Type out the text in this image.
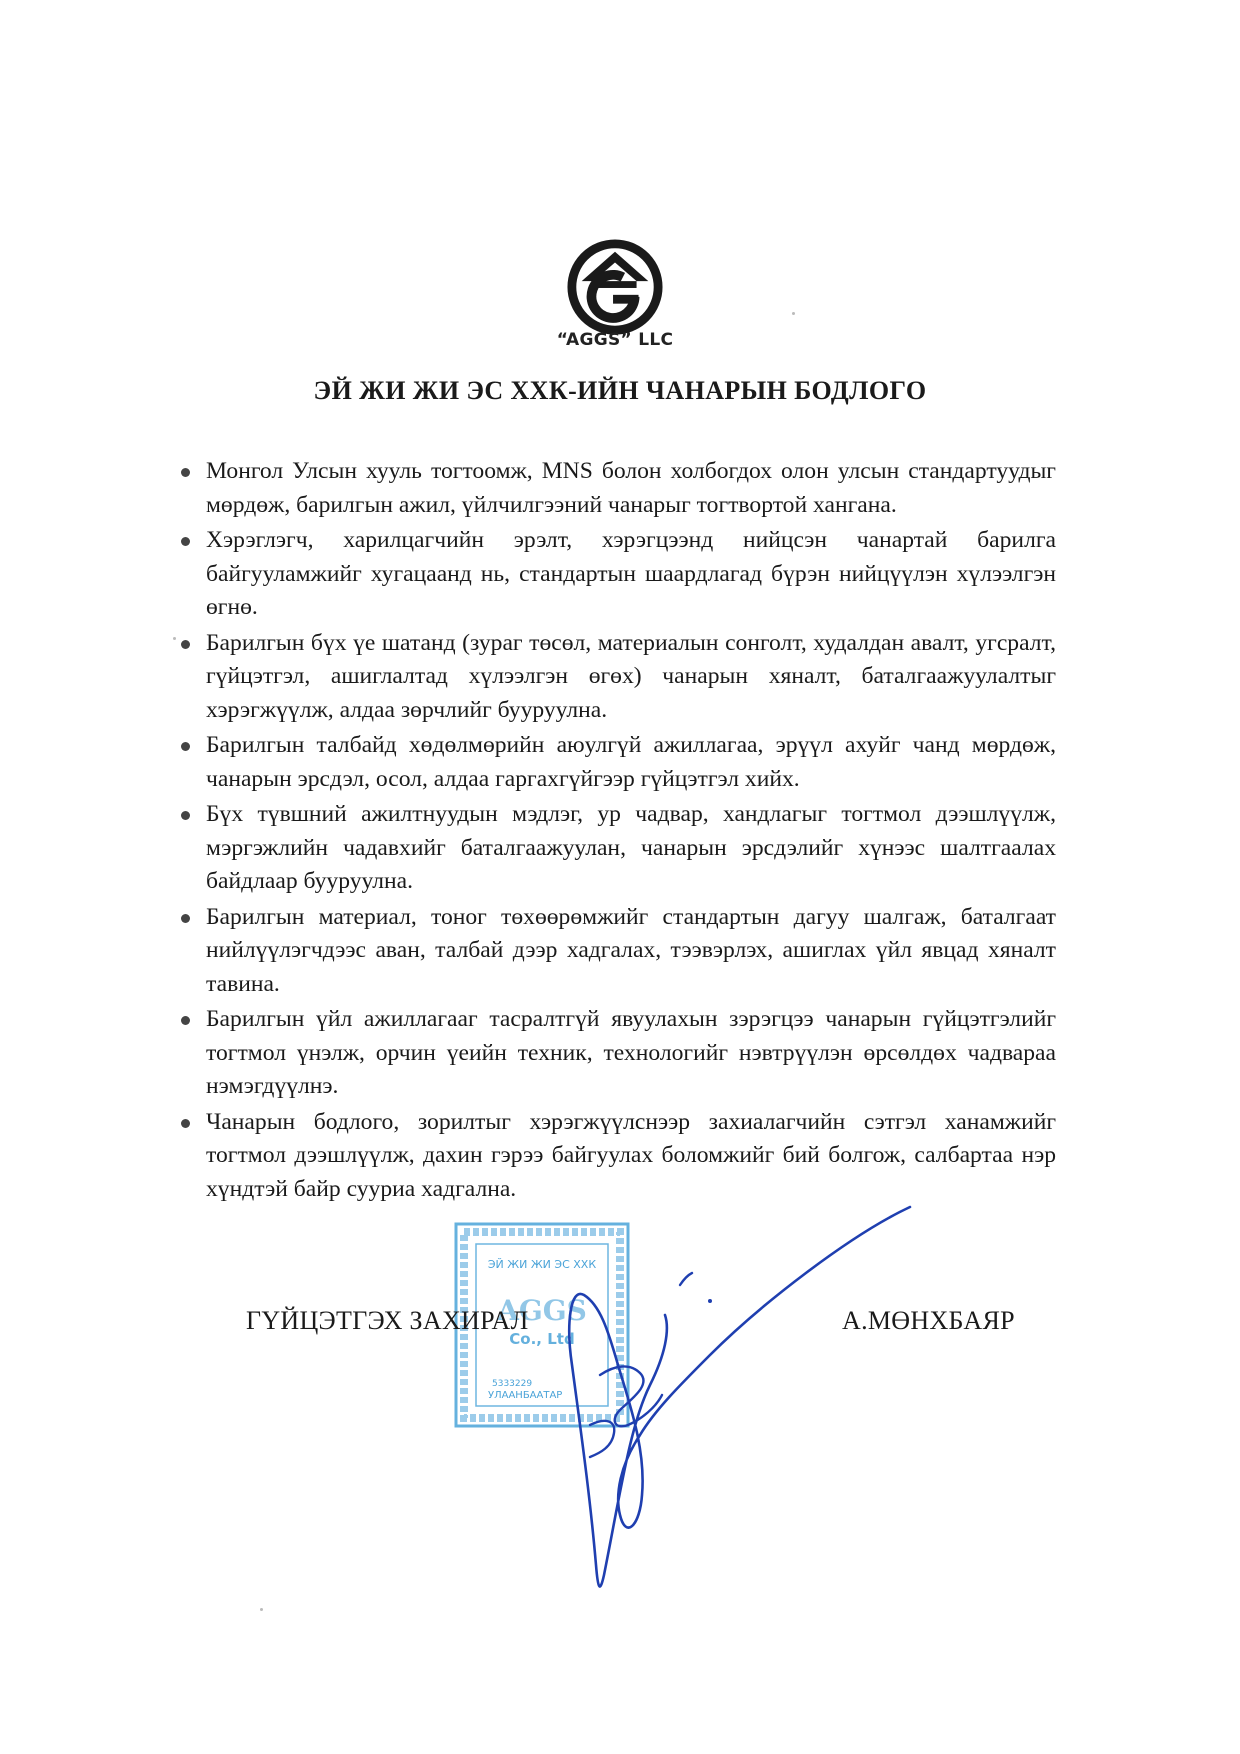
“AGGS” LLC
ЭЙ ЖИ ЖИ ЭС ХХК-ИЙН ЧАНАРЫН БОДЛОГО
Монгол Улсын хууль тогтоомж, MNS болон холбогдох олон улсын стандартуудыг мөрдөж, барилгын ажил, үйлчилгээний чанарыг тогтвортой хангана.
Хэрэглэгч, харилцагчийн эрэлт, хэрэгцээнд нийцсэн чанартай барилга байгууламжийг хугацаанд нь, стандартын шаардлагад бүрэн нийцүүлэн хүлээлгэн өгнө.
Барилгын бүх үе шатанд (зураг төсөл, материалын сонголт, худалдан авалт, угсралт, гүйцэтгэл, ашиглалтад хүлээлгэн өгөх) чанарын хяналт, баталгаажуулалтыг хэрэгжүүлж, алдаа зөрчлийг бууруулна.
Барилгын талбайд хөдөлмөрийн аюулгүй ажиллагаа, эрүүл ахуйг чанд мөрдөж, чанарын эрсдэл, осол, алдаа гаргахгүйгээр гүйцэтгэл хийх.
Бүх түвшний ажилтнуудын мэдлэг, ур чадвар, хандлагыг тогтмол дээшлүүлж, мэргэжлийн чадавхийг баталгаажуулан, чанарын эрсдэлийг хүнээс шалтгаалах байдлаар бууруулна.
Барилгын материал, тоног төхөөрөмжийг стандартын дагуу шалгаж, баталгаат нийлүүлэгчдээс аван, талбай дээр хадгалах, тээвэрлэх, ашиглах үйл явцад хяналт тавина.
Барилгын үйл ажиллагааг тасралтгүй явуулахын зэрэгцээ чанарын гүйцэтгэлийг тогтмол үнэлж, орчин үеийн техник, технологийг нэвтрүүлэн өрсөлдөх чадвараа нэмэгдүүлнэ.
Чанарын бодлого, зорилтыг хэрэгжүүлснээр захиалагчийн сэтгэл ханамжийг тогтмол дээшлүүлж, дахин гэрээ байгуулах боломжийг бий болгож, салбартаа нэр хүндтэй байр сууриа хадгална.
ЭЙ ЖИ ЖИ ЭС ХХК
AGGS
Co., Ltd
5333229
УЛААНБААТАР
ГҮЙЦЭТГЭХ ЗАХИРАЛ	А.МӨНХБАЯР
